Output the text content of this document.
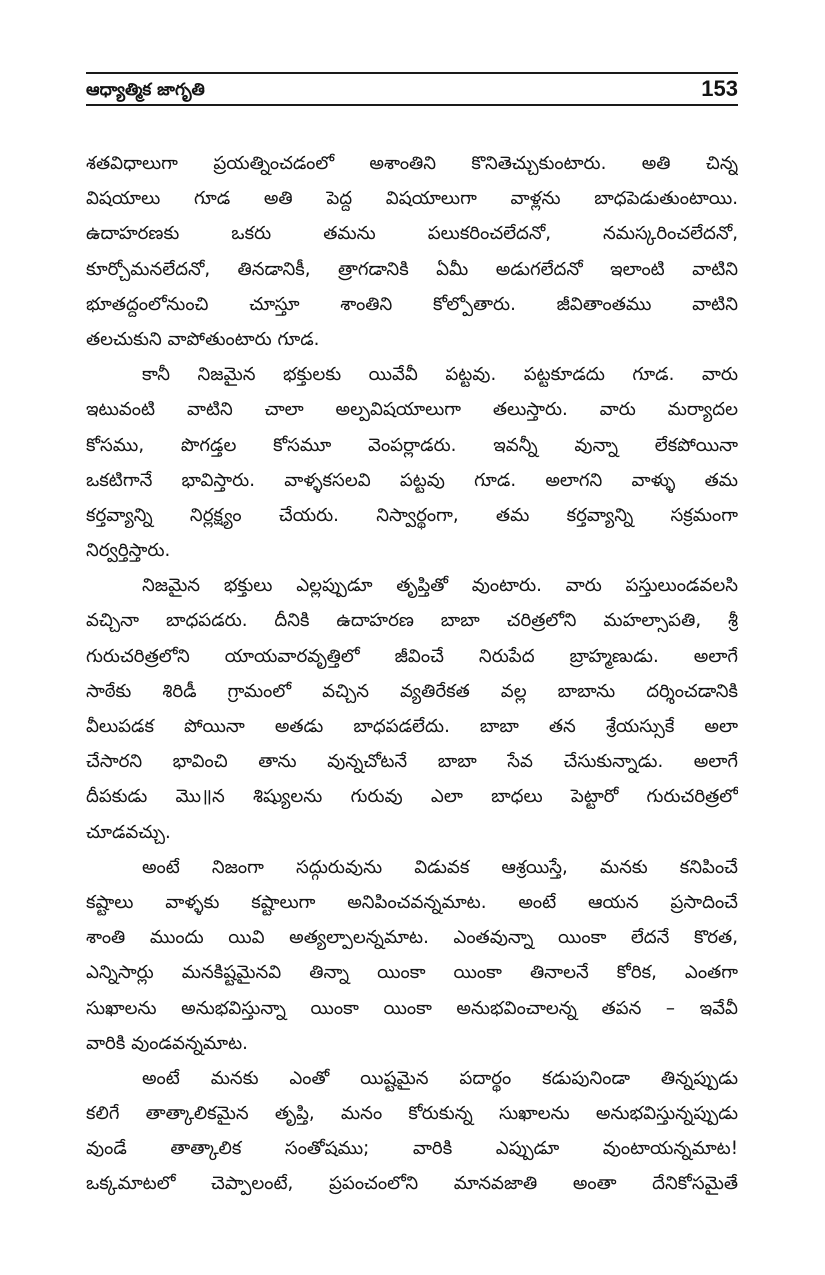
ఆధ్యాత్మిక జాగృతి	153
శతవిధాలుగా ప్రయత్నించడంలో అశాంతిని కొనితెచ్చుకుంటారు. అతి చిన్న
విషయాలు గూడ అతి పెద్ద విషయాలుగా వాళ్లను బాధపెడుతుంటాయి.
ఉదాహరణకు ఒకరు తమను పలుకరించలేదనో, నమస్కరించలేదనో,
కూర్చోమనలేదనో, తినడానికీ, త్రాగడానికి ఏమీ అడుగలేదనో ఇలాంటి వాటిని
భూతద్దంలోనుంచి చూస్తూ శాంతిని కోల్పోతారు. జీవితాంతము వాటిని
తలచుకుని వాపోతుంటారు గూడ.
కానీ నిజమైన భక్తులకు యివేవీ పట్టవు. పట్టకూడదు గూడ. వారు
ఇటువంటి వాటిని చాలా అల్పవిషయాలుగా తలుస్తారు. వారు మర్యాదల
కోసము, పొగడ్తల కోసమూ వెంపర్లాడరు. ఇవన్నీ వున్నా లేకపోయినా
ఒకటిగానే భావిస్తారు. వాళ్ళకసలవి పట్టవు గూడ. అలాగని వాళ్ళు తమ
కర్తవ్యాన్ని నిర్లక్ష్యం చేయరు. నిస్వార్థంగా, తమ కర్తవ్యాన్ని సక్రమంగా
నిర్వర్తిస్తారు.
నిజమైన భక్తులు ఎల్లప్పుడూ తృప్తితో వుంటారు. వారు పస్తులుండవలసి
వచ్చినా బాధపడరు. దీనికి ఉదాహరణ బాబా చరిత్రలోని మహల్సాపతి, శ్రీ
గురుచరిత్రలోని యాయవారవృత్తిలో జీవించే నిరుపేద బ్రాహ్మణుడు. అలాగే
సాఠేకు శిరిడీ గ్రామంలో వచ్చిన వ్యతిరేకత వల్ల బాబాను దర్శించడానికి
వీలుపడక పోయినా అతడు బాధపడలేదు. బాబా తన శ్రేయస్సుకే అలా
చేసారని భావించి తాను వున్నచోటనే బాబా సేవ చేసుకున్నాడు. అలాగే
దీపకుడు మొ॥న శిష్యులను గురువు ఎలా బాధలు పెట్టారో గురుచరిత్రలో
చూడవచ్చు.
అంటే నిజంగా సద్గురువును విడువక ఆశ్రయిస్తే, మనకు కనిపించే
కష్టాలు వాళ్ళకు కష్టాలుగా అనిపించవన్నమాట. అంటే ఆయన ప్రసాదించే
శాంతి ముందు యివి అత్యల్పాలన్నమాట. ఎంతవున్నా యింకా లేదనే కొరత,
ఎన్నిసార్లు మనకిష్టమైనవి తిన్నా యింకా యింకా తినాలనే కోరిక, ఎంతగా
సుఖాలను అనుభవిస్తున్నా యింకా యింకా అనుభవించాలన్న తపన – ఇవేవీ
వారికి వుండవన్నమాట.
అంటే మనకు ఎంతో యిష్టమైన పదార్థం కడుపునిండా తిన్నప్పుడు
కలిగే తాత్కాలికమైన తృప్తి, మనం కోరుకున్న సుఖాలను అనుభవిస్తున్నప్పుడు
వుండే తాత్కాలిక సంతోషము; వారికి ఎప్పుడూ వుంటాయన్నమాట!
ఒక్కమాటలో చెప్పాలంటే, ప్రపంచంలోని మానవజాతి అంతా దేనికోసమైతే
